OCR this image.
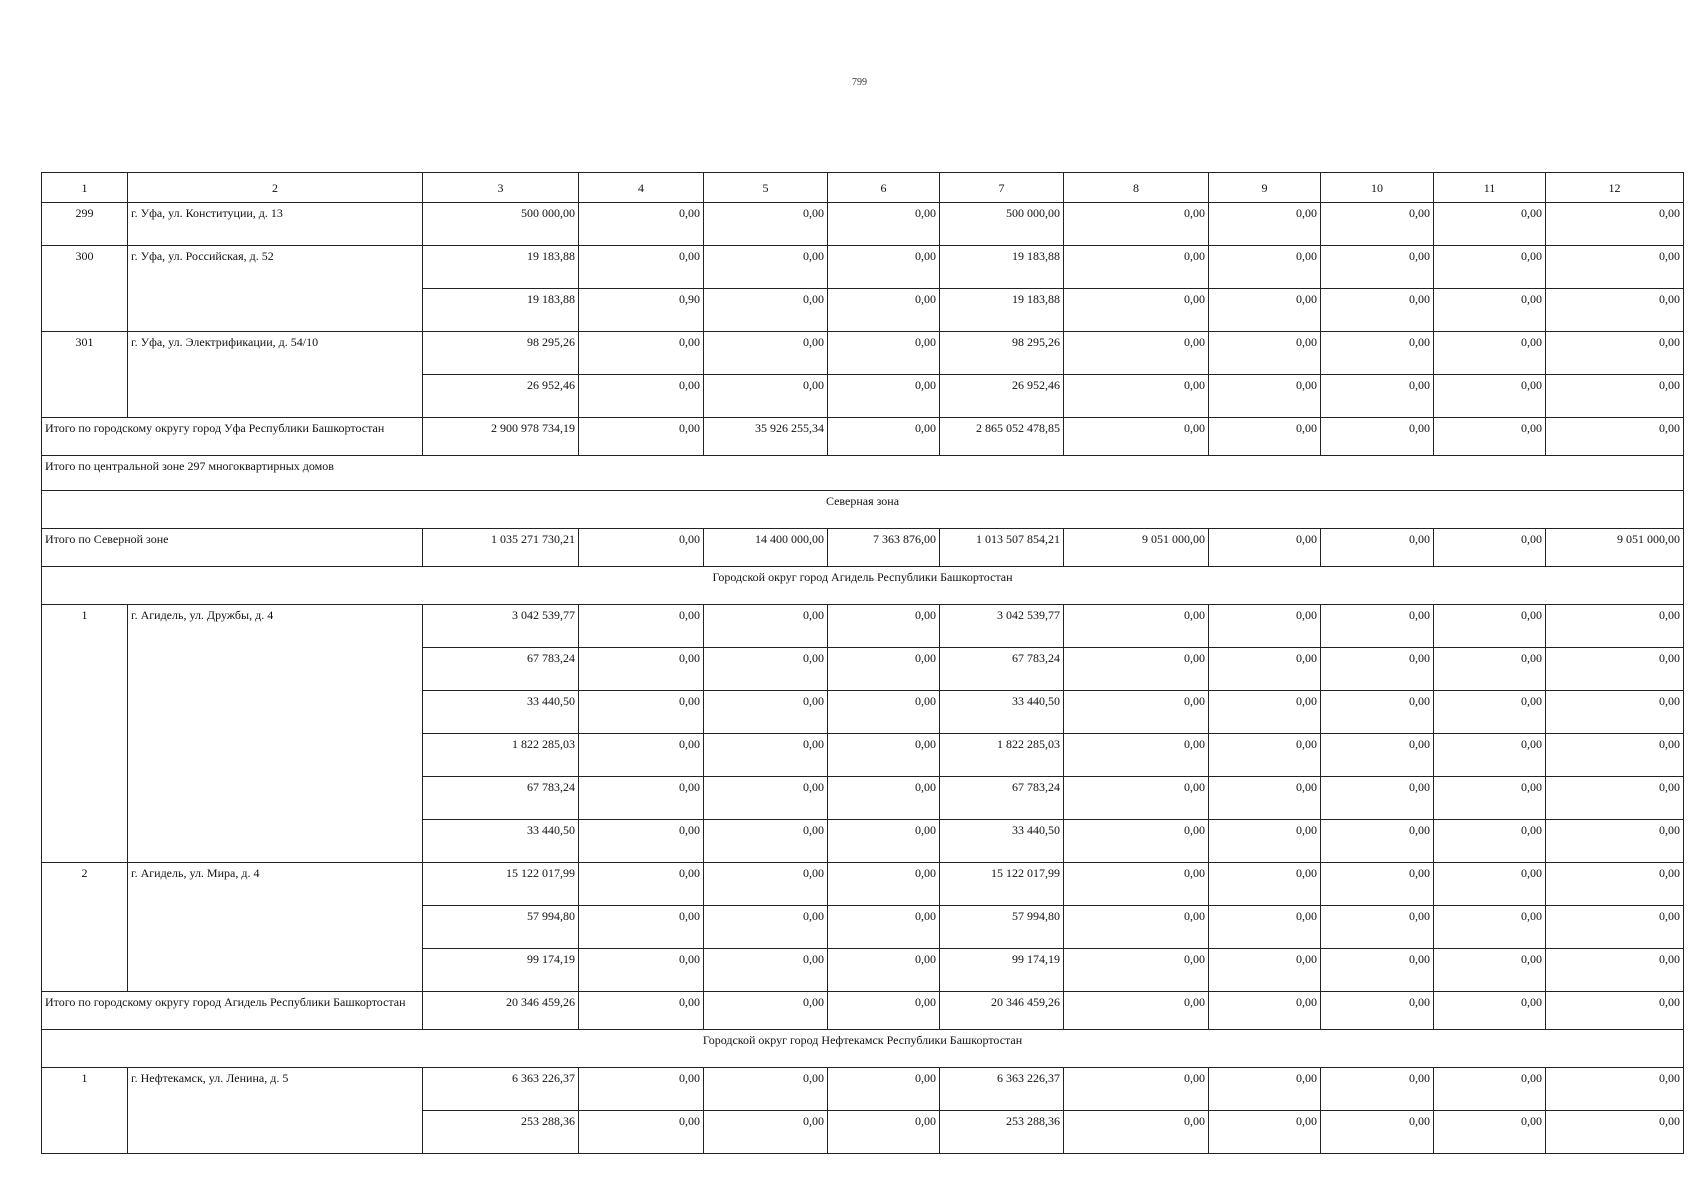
799
1	2	3	4	5	6	7	8	9	10	11	12
299	г. Уфа, ул. Конституции, д. 13	500 000,00	0,00	0,00	0,00	500 000,00	0,00	0,00	0,00	0,00	0,00
300	г. Уфа, ул. Российская, д. 52	19 183,88	0,00	0,00	0,00	19 183,88	0,00	0,00	0,00	0,00	0,00
		19 183,88	0,90	0,00	0,00	19 183,88	0,00	0,00	0,00	0,00	0,00
301	г. Уфа, ул. Электрификации, д. 54/10	98 295,26	0,00	0,00	0,00	98 295,26	0,00	0,00	0,00	0,00	0,00
		26 952,46	0,00	0,00	0,00	26 952,46	0,00	0,00	0,00	0,00	0,00
Итого по городскому округу город Уфа Республики Башкортостан		2 900 978 734,19	0,00	35 926 255,34	0,00	2 865 052 478,85	0,00	0,00	0,00	0,00	0,00
Итого по центральной зоне 297 многоквартирных домов											
Северная зона											
Итого по Северной зоне		1 035 271 730,21	0,00	14 400 000,00	7 363 876,00	1 013 507 854,21	9 051 000,00	0,00	0,00	0,00	9 051 000,00
Городской округ город Агидель Республики Башкортостан											
1	г. Агидель, ул. Дружбы, д. 4	3 042 539,77	0,00	0,00	0,00	3 042 539,77	0,00	0,00	0,00	0,00	0,00
		67 783,24	0,00	0,00	0,00	67 783,24	0,00	0,00	0,00	0,00	0,00
		33 440,50	0,00	0,00	0,00	33 440,50	0,00	0,00	0,00	0,00	0,00
		1 822 285,03	0,00	0,00	0,00	1 822 285,03	0,00	0,00	0,00	0,00	0,00
		67 783,24	0,00	0,00	0,00	67 783,24	0,00	0,00	0,00	0,00	0,00
		33 440,50	0,00	0,00	0,00	33 440,50	0,00	0,00	0,00	0,00	0,00
2	г. Агидель, ул. Мира, д. 4	15 122 017,99	0,00	0,00	0,00	15 122 017,99	0,00	0,00	0,00	0,00	0,00
		57 994,80	0,00	0,00	0,00	57 994,80	0,00	0,00	0,00	0,00	0,00
		99 174,19	0,00	0,00	0,00	99 174,19	0,00	0,00	0,00	0,00	0,00
Итого по городскому округу город Агидель Республики Башкортостан		20 346 459,26	0,00	0,00	0,00	20 346 459,26	0,00	0,00	0,00	0,00	0,00
Городской округ город Нефтекамск Республики Башкортостан											
1	г. Нефтекамск, ул. Ленина, д. 5	6 363 226,37	0,00	0,00	0,00	6 363 226,37	0,00	0,00	0,00	0,00	0,00
		253 288,36	0,00	0,00	0,00	253 288,36	0,00	0,00	0,00	0,00	0,00
